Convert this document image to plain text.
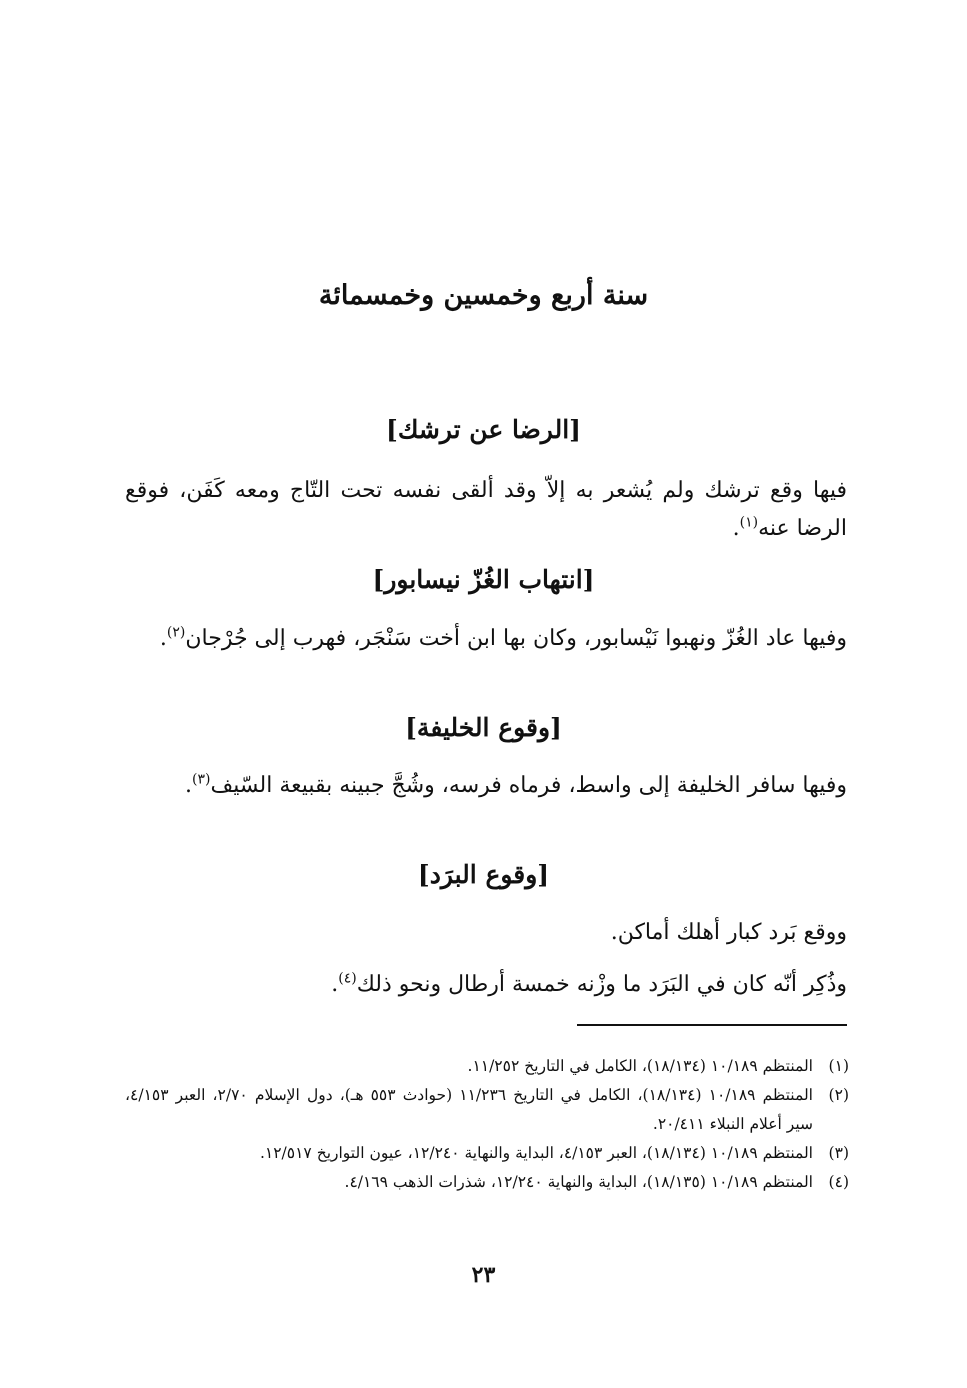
سنة أربع وخمسين وخمسمائة
[الرضا عن ترشك]
فيها وقع ترشك ولم يُشعر به إلاّ وقد ألقى نفسه تحت التّاج ومعه كَفَن، فوقع الرضا عنه$^{(١)}$.
[انتهاب الغُزّ نيسابور]
وفيها عاد الغُزّ ونهبوا نَيْسابور، وكان بها ابن أخت سَنْجَر، فهرب إلى جُرْجان$^{(٢)}$.
[وقوع الخليفة]
وفيها سافر الخليفة إلى واسط، فرماه فرسه، وشُجَّ جبينه بقبيعة السّيف$^{(٣)}$.
[وقوع البرَد]
ووقع بَرد كبار أهلك أماكن.
وذُكِر أنّه كان في البَرَد ما وزْنه خمسة أرطال ونحو ذلك$^{(٤)}$.
(١)
المنتظم ١٠/١٨٩ (١٨/١٣٤)، الكامل في التاريخ ١١/٢٥٢.
(٢)
المنتظم ١٠/١٨٩ (١٨/١٣٤)، الكامل في التاريخ ١١/٢٣٦ (حوادث ٥٥٣ هـ)، دول الإسلام ٢/٧٠، العبر ٤/١٥٣، سير أعلام النبلاء ٢٠/٤١١.
(٣)
المنتظم ١٠/١٨٩ (١٨/١٣٤)، العبر ٤/١٥٣، البداية والنهاية ١٢/٢٤٠، عيون التواريخ ١٢/٥١٧.
(٤)
المنتظم ١٠/١٨٩ (١٨/١٣٥)، البداية والنهاية ١٢/٢٤٠، شذرات الذهب ٤/١٦٩.
٢٣
